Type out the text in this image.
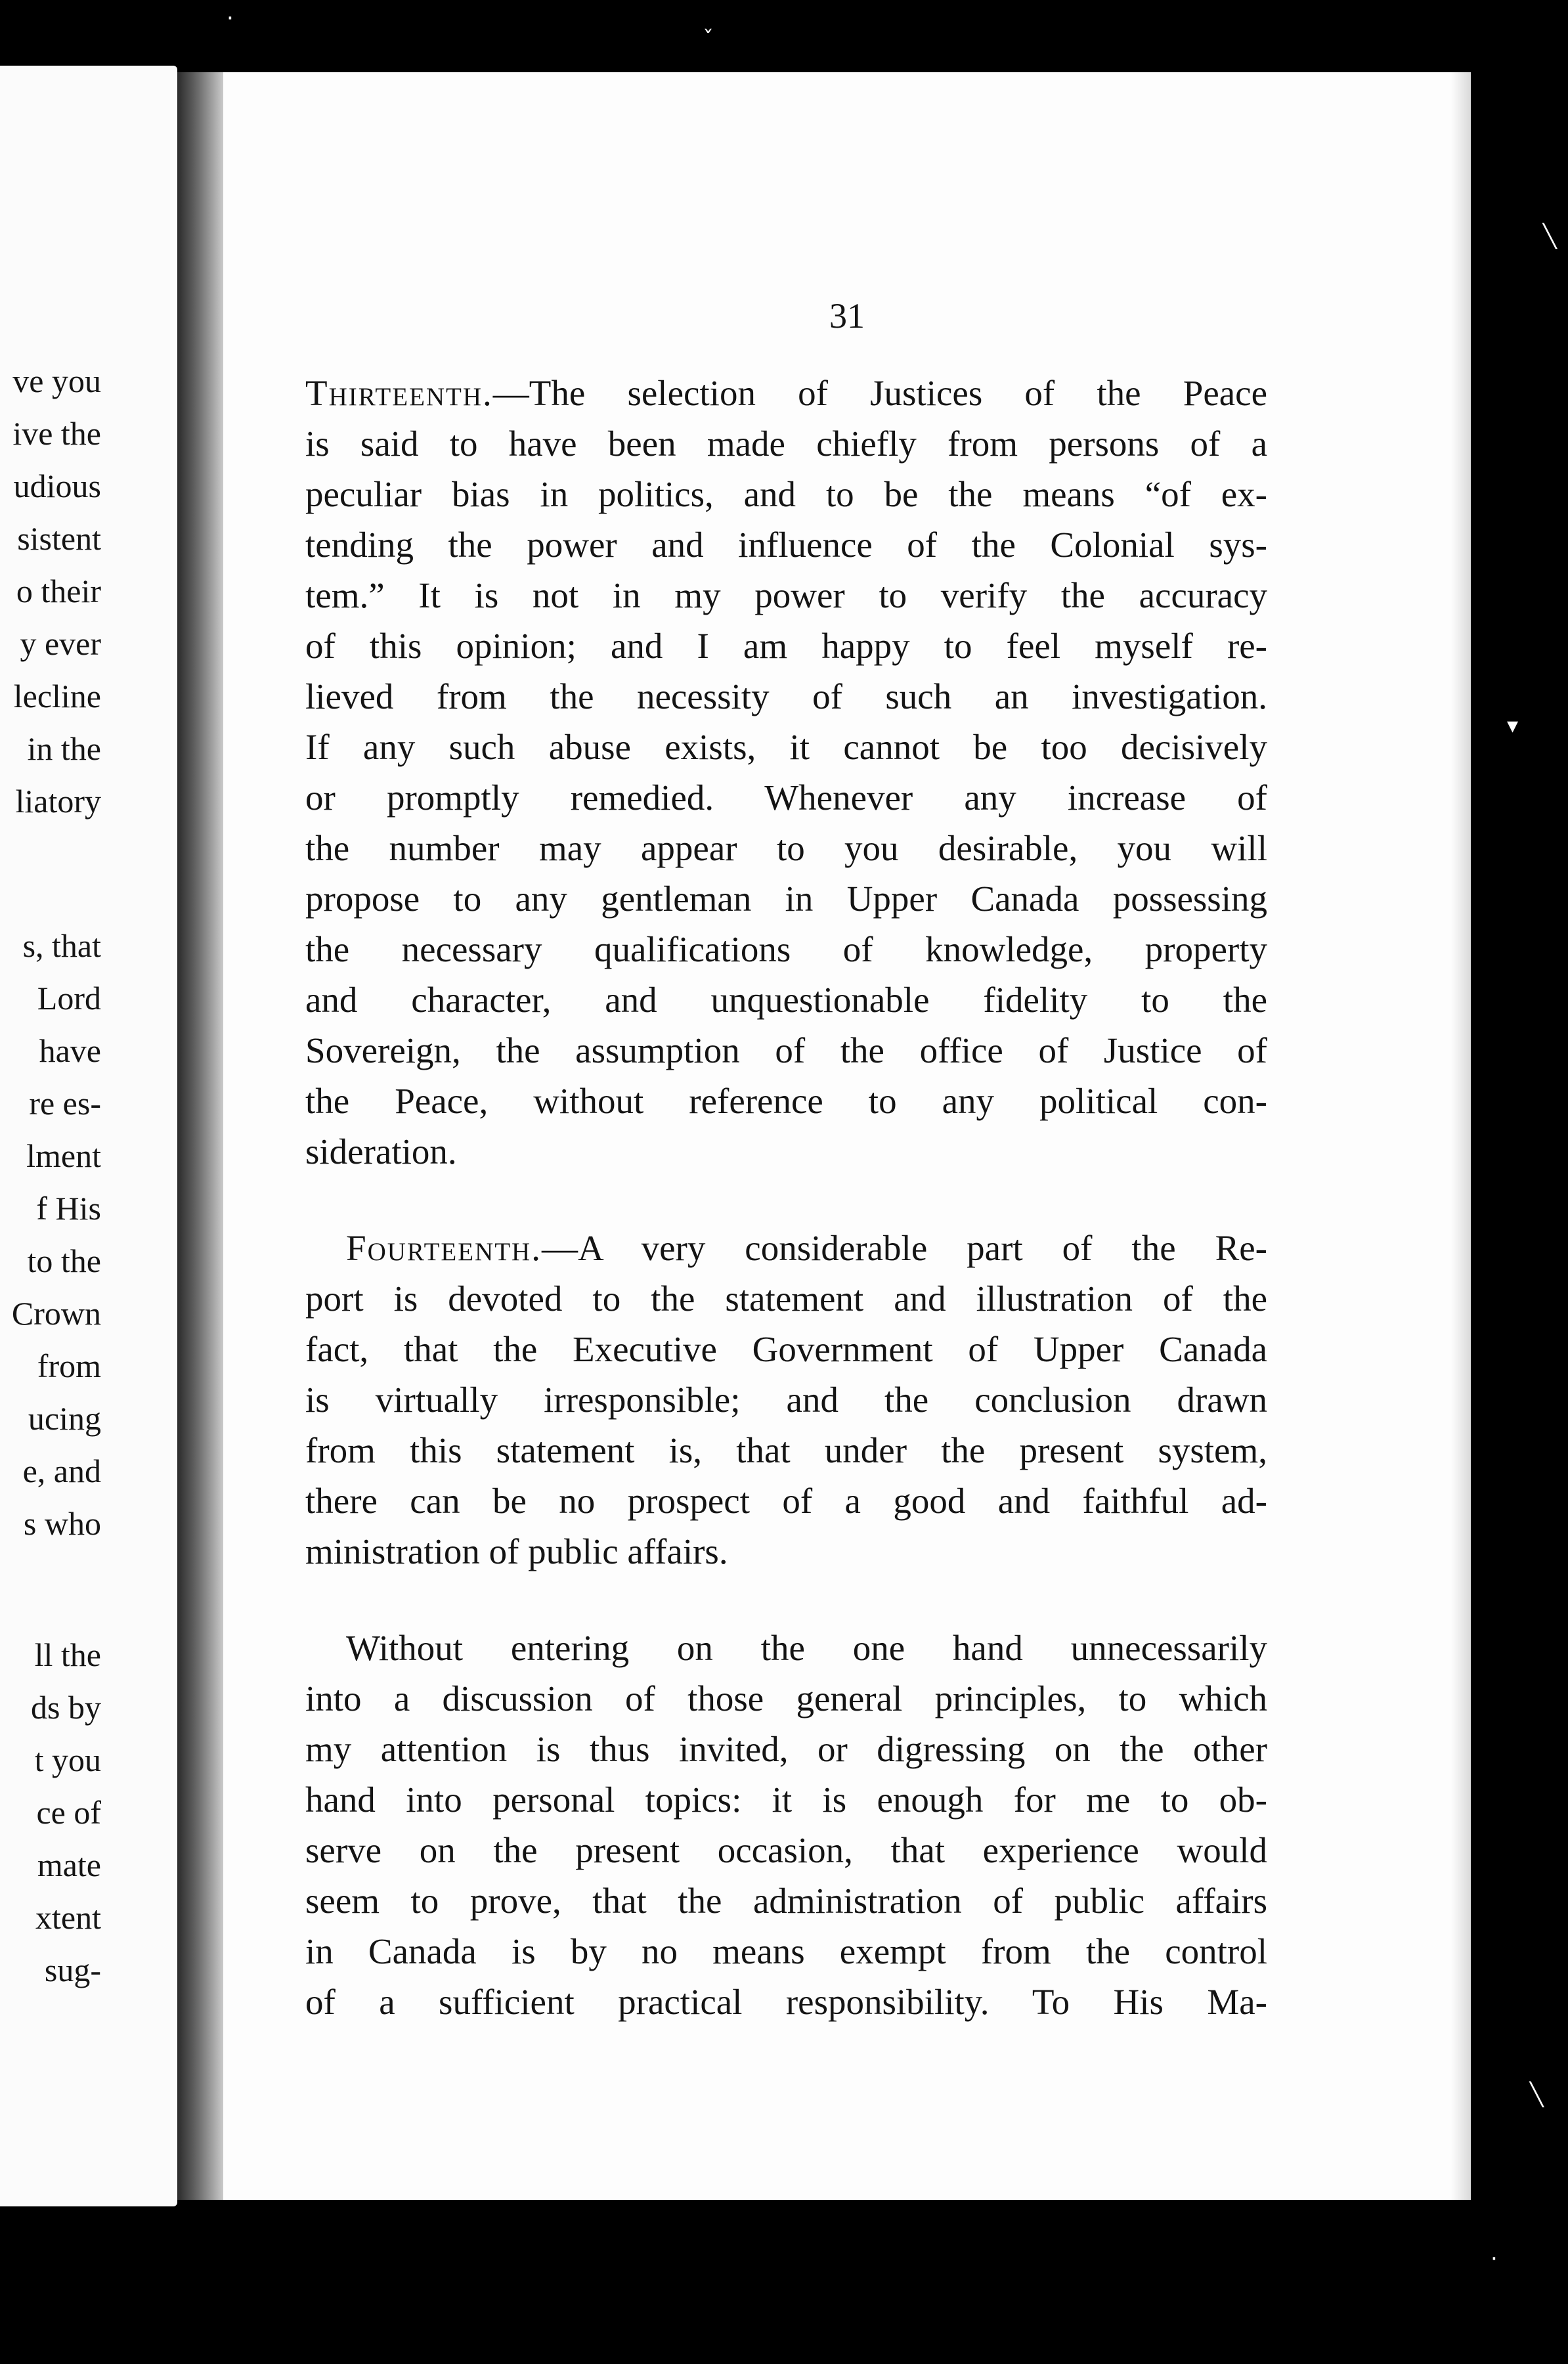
ve you
ive the
udious
sistent
o their
y ever
lecline
in the
liatory
s, that
Lord
have
re es-
lment
f His
to the
Crown
from
ucing
e, and
s who
ll the
ds by
t you
ce of
mate
xtent
sug-
31
Thirteenth.—The selection of Justices of the Peace
is said to have been made chiefly from persons of a
peculiar bias in politics, and to be the means “of ex-
tending the power and influence of the Colonial sys-
tem.” It is not in my power to verify the accuracy
of this opinion; and I am happy to feel myself re-
lieved from the necessity of such an investigation.
If any such abuse exists, it cannot be too decisively
or promptly remedied. Whenever any increase of
the number may appear to you desirable, you will
propose to any gentleman in Upper Canada possessing
the necessary qualifications of knowledge, property
and character, and unquestionable fidelity to the
Sovereign, the assumption of the office of Justice of
the Peace, without reference to any political con-
sideration.
Fourteenth.—A very considerable part of the Re-
port is devoted to the statement and illustration of the
fact, that the Executive Government of Upper Canada
is virtually irresponsible; and the conclusion drawn
from this statement is, that under the present system,
there can be no prospect of a good and faithful ad-
ministration of public affairs.
Without entering on the one hand unnecessarily
into a discussion of those general principles, to which
my attention is thus invited, or digressing on the other
hand into personal topics: it is enough for me to ob-
serve on the present occasion, that experience would
seem to prove, that the administration of public affairs
in Canada is by no means exempt from the control
of a sufficient practical responsibility. To His Ma-
·
ˇ
╲
▾
╲
·
